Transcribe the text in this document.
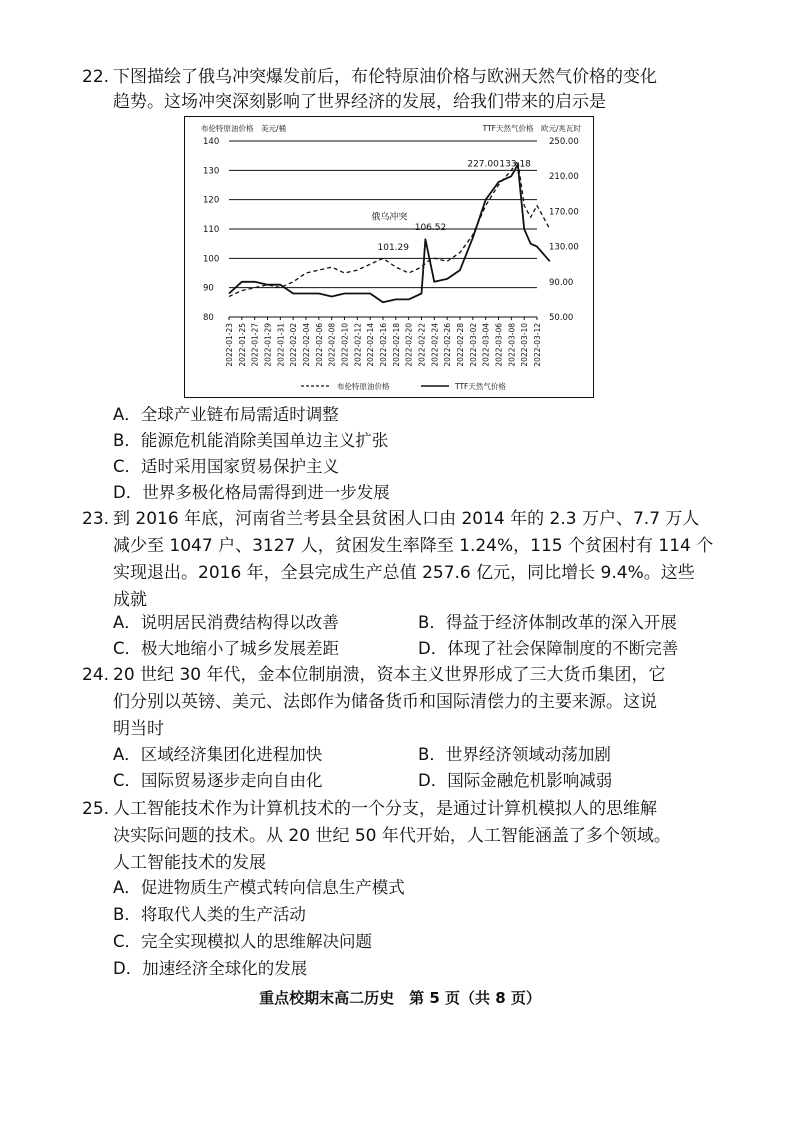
22. 下图描绘了俄乌冲突爆发前后，布伦特原油价格与欧洲天然气价格的变化
趋势。这场冲突深刻影响了世界经济的发展，给我们带来的启示是
布伦特原油价格　美元/桶	TTF天然气价格　欧元/兆瓦时
140
130
120
110
100
90
80
250.00
210.00
170.00
130.00
90.00
50.00
2022-01-23 2022-01-25 2022-01-27 2022-01-29 2022-01-31 2022-02-02 2022-02-04 2022-02-06 2022-02-08 2022-02-10 2022-02-12 2022-02-14 2022-02-16 2022-02-18 2022-02-20 2022-02-22 2022-02-24 2022-02-26 2022-02-28 2022-03-02 2022-03-04 2022-03-06 2022-03-08 2022-03-10 2022-03-12
227.00 133.18
俄乌冲突
106.52
101.29
布伦特原油价格	TTF天然气价格
A．全球产业链布局需适时调整
B．能源危机能消除美国单边主义扩张
C．适时采用国家贸易保护主义
D．世界多极化格局需得到进一步发展
23. 到 2016 年底，河南省兰考县全县贫困人口由 2014 年的 2.3 万户、7.7 万人
减少至 1047 户、3127 人，贫困发生率降至 1.24%，115 个贫困村有 114 个
实现退出。2016 年，全县完成生产总值 257.6 亿元，同比增长 9.4%。这些
成就
A．说明居民消费结构得以改善	B．得益于经济体制改革的深入开展
C．极大地缩小了城乡发展差距	D．体现了社会保障制度的不断完善
24. 20 世纪 30 年代，金本位制崩溃，资本主义世界形成了三大货币集团，它
们分别以英镑、美元、法郎作为储备货币和国际清偿力的主要来源。这说
明当时
A．区域经济集团化进程加快	B．世界经济领域动荡加剧
C．国际贸易逐步走向自由化	D．国际金融危机影响减弱
25. 人工智能技术作为计算机技术的一个分支，是通过计算机模拟人的思维解
决实际问题的技术。从 20 世纪 50 年代开始，人工智能涵盖了多个领域。
人工智能技术的发展
A．促进物质生产模式转向信息生产模式
B．将取代人类的生产活动
C．完全实现模拟人的思维解决问题
D．加速经济全球化的发展
重点校期末高二历史　第 5 页（共 8 页）
